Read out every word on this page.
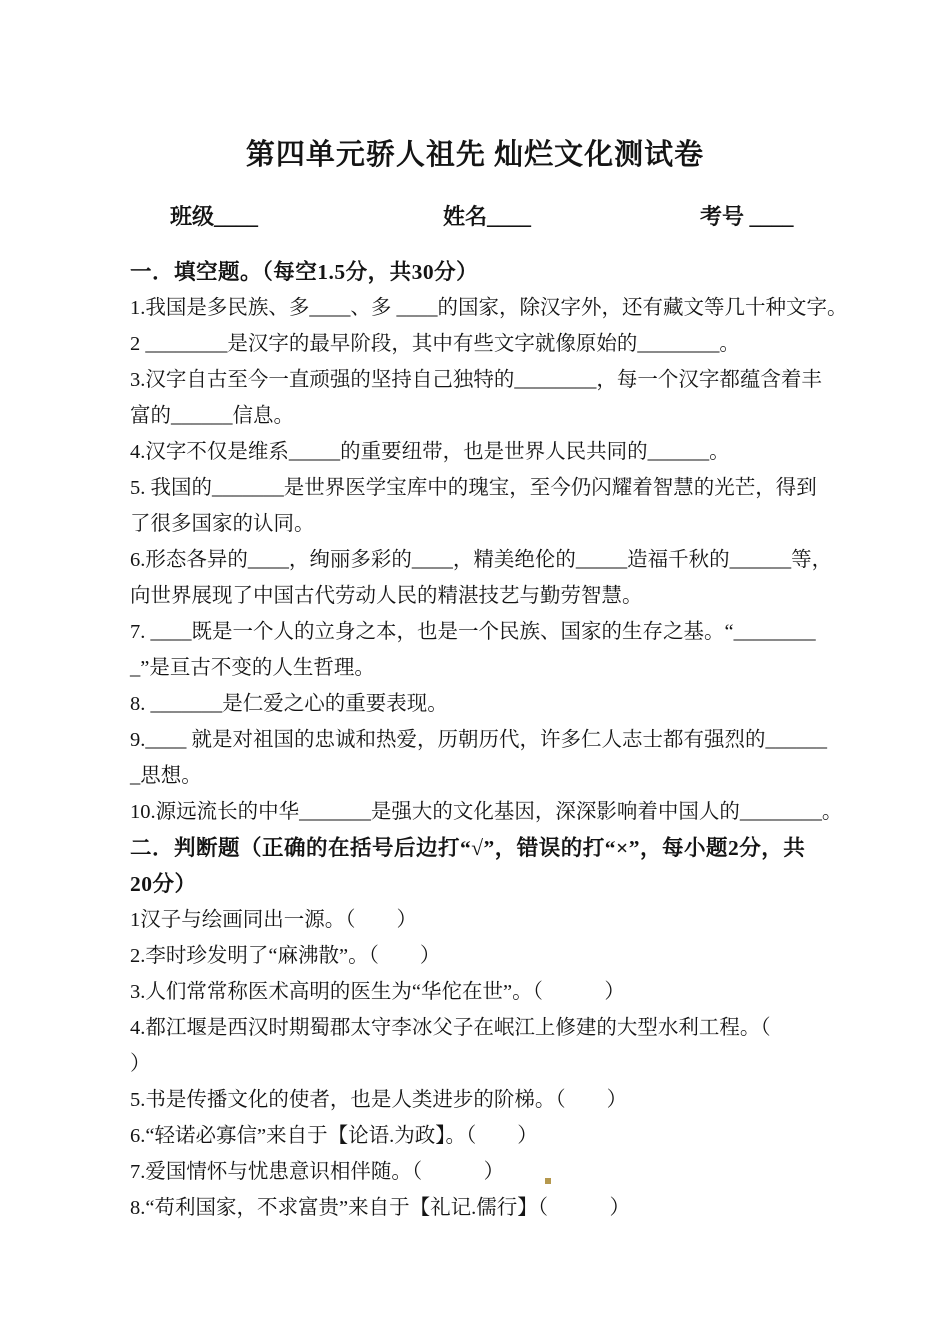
第四单元骄人祖先 灿烂文化测试卷
班级____	姓名____	考号 ____
一．填空题。（每空1.5分，共30分）
1.我国是多民族、多____、多 ____的国家，除汉字外，还有藏文等几十种文字。
2 ________是汉字的最早阶段，其中有些文字就像原始的________。
3.汉字自古至今一直顽强的坚持自己独特的________，每一个汉字都蕴含着丰
富的______信息。
4.汉字不仅是维系_____的重要纽带，也是世界人民共同的______。
5. 我国的_______是世界医学宝库中的瑰宝，至今仍闪耀着智慧的光芒，得到
了很多国家的认同。
6.形态各异的____，绚丽多彩的____，精美绝伦的_____造福千秋的______等，
向世界展现了中国古代劳动人民的精湛技艺与勤劳智慧。
7. ____既是一个人的立身之本，也是一个民族、国家的生存之基。“________
_”是亘古不变的人生哲理。
8. _______是仁爱之心的重要表现。
9.____ 就是对祖国的忠诚和热爱，历朝历代，许多仁人志士都有强烈的______
_思想。
10.源远流长的中华_______是强大的文化基因，深深影响着中国人的________。
二．判断题（正确的在括号后边打“√”，错误的打“×”，每小题2分，共
20分）
1汉子与绘画同出一源。（　　）
2.李时珍发明了“麻沸散”。（　　）
3.人们常常称医术高明的医生为“华佗在世”。（　　　）
4.都江堰是西汉时期蜀郡太守李冰父子在岷江上修建的大型水利工程。（
）
5.书是传播文化的使者，也是人类进步的阶梯。（　　）
6.“轻诺必寡信”来自于【论语.为政】。（　　）
7.爱国情怀与忧患意识相伴随。（　　　）
8.“苟利国家，不求富贵”来自于【礼记.儒行】（　　　）
